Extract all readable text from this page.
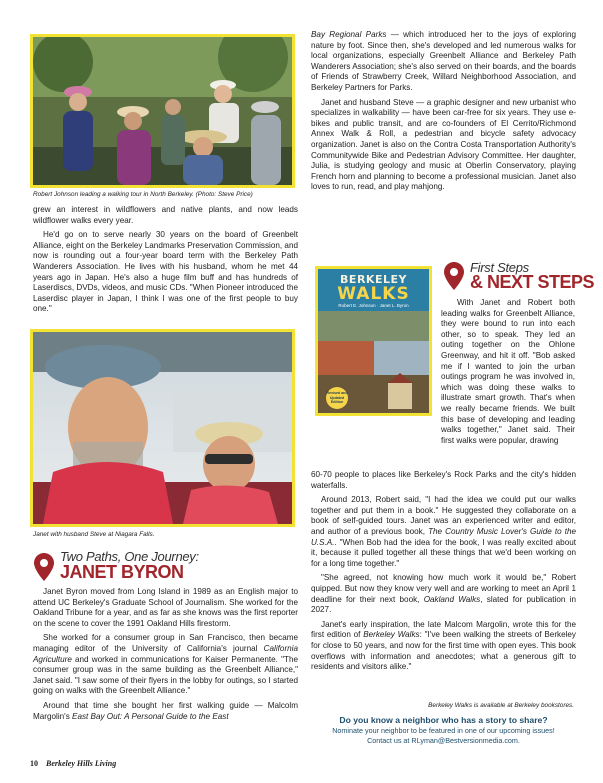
Robert Johnson leading a walking tour in North Berkeley. (Photo: Steve Price)

grew an interest in wildflowers and native plants, and now leads wildflower walks every year.

He'd go on to serve nearly 30 years on the board of Greenbelt Alliance, eight on the Berkeley Landmarks Preservation Commission, and now is rounding out a four-year board term with the Berkeley Path Wanderers Association. He lives with his husband, whom he met 44 years ago in Japan. He's also a huge film buff and has hundreds of Laserdiscs, DVDs, videos, and music CDs. "When Pioneer introduced the Laserdisc player in Japan, I think I was one of the first people to buy one."

Janet with husband Steve at Niagara Falls.
Two Paths, One Journey:
JANET BYRON

Janet Byron moved from Long Island in 1989 as an English major to attend UC Berkeley's Graduate School of Journalism. She worked for the Oakland Tribune for a year, and as far as she knows was the first reporter on the scene to cover the 1991 Oakland Hills firestorm.

She worked for a consumer group in San Francisco, then became managing editor of the University of California's journal California Agriculture and worked in communications for Kaiser Permanente. "The consumer group was in the same building as the Greenbelt Alliance," Janet said. "I saw some of their flyers in the lobby for outings, so I started going on walks with the Greenbelt Alliance."

Around that time she bought her first walking guide — Malcolm Margolin's East Bay Out: A Personal Guide to the East

Bay Regional Parks — which introduced her to the joys of exploring nature by foot. Since then, she's developed and led numerous walks for local organizations, especially Greenbelt Alliance and Berkeley Path Wanderers Association; she's also served on their boards, and the boards of Friends of Strawberry Creek, Willard Neighborhood Association, and Berkeley Partners for Parks.

Janet and husband Steve — a graphic designer and new urbanist who specializes in walkability — have been car-free for six years. They use e-bikes and public transit, and are co-founders of El Cerrito/Richmond Annex Walk & Roll, a pedestrian and bicycle safety advocacy organization. Janet is also on the Contra Costa Transportation Authority's Communitywide Bike and Pedestrian Advisory Committee. Her daughter, Julia, is studying geology and music at Oberlin Conservatory, playing French horn and planning to become a professional musician. Janet also loves to run, read, and play mahjong.

BERKELEY
WALKS
Robert E. Johnson · Janet L. Byron
Revised and Updated Edition
First Steps
& NEXT STEPS

With Janet and Robert both leading walks for Greenbelt Alliance, they were bound to run into each other, so to speak. They led an outing together on the Ohlone Greenway, and hit it off. "Bob asked me if I wanted to join the urban outings program he was involved in, which was doing these walks to illustrate smart growth. That's when we really became friends. We built this base of developing and leading walks together," Janet said. Their first walks were popular, drawing

60-70 people to places like Berkeley's Rock Parks and the city's hidden waterfalls.

Around 2013, Robert said, "I had the idea we could put our walks together and put them in a book." He suggested they collaborate on a book of self-guided tours. Janet was an experienced writer and editor, and author of a previous book, The Country Music Lover's Guide to the U.S.A.. "When Bob had the idea for the book, I was really excited about it, because it pulled together all these things that we'd been working on for a long time together."

"She agreed, not knowing how much work it would be," Robert quipped. But now they know very well and are working to meet an April 1 deadline for their next book, Oakland Walks, slated for publication in 2027.

Janet's early inspiration, the late Malcom Margolin, wrote this for the first edition of Berkeley Walks: "I've been walking the streets of Berkeley for close to 50 years, and now for the first time with open eyes. This book overflows with information and anecdotes; what a generous gift to residents and visitors alike."

Berkeley Walks is available at Berkeley bookstores.
Do you know a neighbor who has a story to share?
Nominate your neighbor to be featured in one of our upcoming issues!
Contact us at RLyman@Bestversionmedia.com.
10 Berkeley Hills Living
